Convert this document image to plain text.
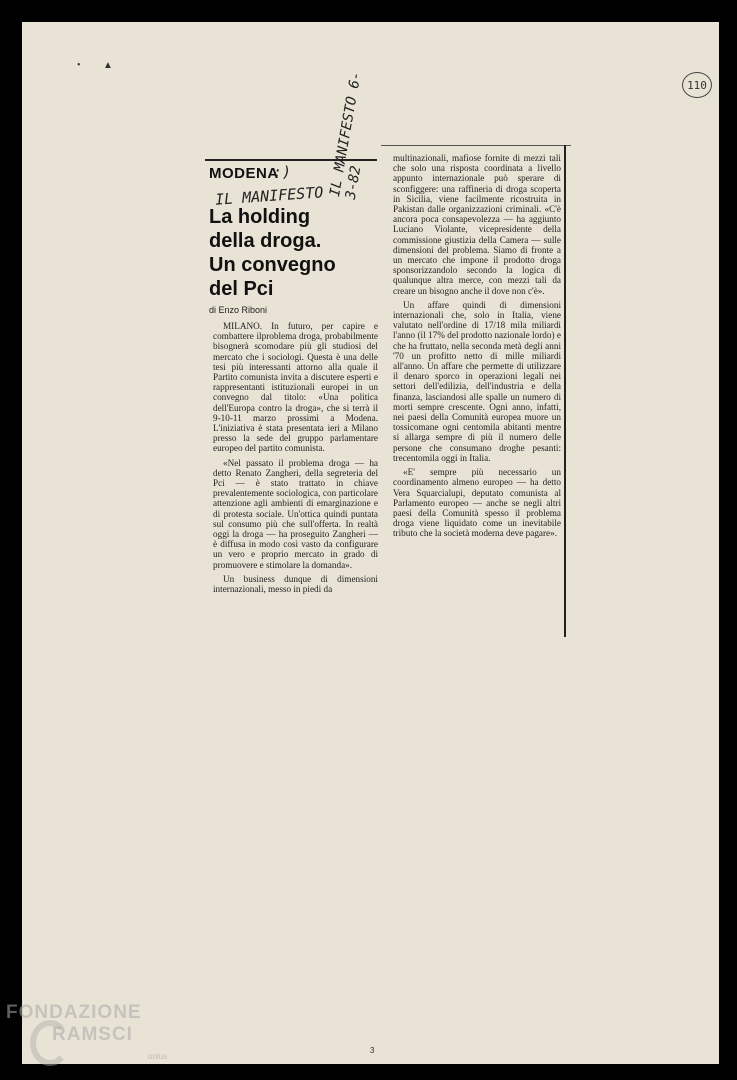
•         ▲
110
MODENA
:)
IL MANIFESTO IL MANIFESTO 6-3-82
La holding della droga. Un convegno del Pci
di Enzo Riboni

MILANO. In futuro, per capire e combattere ilproblema droga, probabilmente bisognerà scomodare più gli studiosi del mercato che i sociologi. Questa è una delle tesi più interessanti attorno alla quale il Partito comunista invita a discutere esperti e rappresentanti istituzionali europei in un convegno dal titolo: «Una politica dell'Europa contro la droga», che si terrà il 9-10-11 marzo prossimi a Modena. L'iniziativa è stata presentata ieri a Milano presso la sede del gruppo parlamentare europeo del partito comunista.

«Nel passato il problema droga — ha detto Renato Zangheri, della segreteria del Pci — è stato trattato in chiave prevalentemente sociologica, con particolare attenzione agli ambienti di emarginazione e di protesta sociale. Un'ottica quindi puntata sul consumo più che sull'offerta. In realtà oggi la droga — ha proseguito Zangheri — è diffusa in modo così vasto da configurare un vero e proprio mercato in grado di promuovere e stimolare la domanda».

Un business dunque di dimensioni internazionali, messo in piedi da

multinazionali, mafiose fornite di mezzi tali che solo una risposta coordinata a livello appunto internazionale può sperare di sconfiggere: una raffineria di droga scoperta in Sicilia, viene facilmente ricostruita in Pakistan dalle organizzazioni criminali. «C'è ancora poca consapevolezza — ha aggiunto Luciano Violante, vicepresidente della commissione giustizia della Camera — sulle dimensioni del problema. Siamo di fronte a un mercato che impone il prodotto droga sponsorizzandolo secondo la logica di qualunque altra merce, con mezzi tali da creare un bisogno anche il dove non c'è».

Un affare quindi di dimensioni internazionali che, solo in Italia, viene valutato nell'ordine di 17/18 mila miliardi l'anno (il 17% del prodotto nazionale lordo) e che ha fruttato, nella seconda metà degli anni '70 un profitto netto di mille miliardi all'anno. Un affare che permette di utilizzare il denaro sporco in operazioni legali nei settori dell'edilizia, dell'industria e della finanza, lasciandosi alle spalle un numero di morti sempre crescente. Ogni anno, infatti, nei paesi della Comunità europea muore un tossicomane ogni centomila abitanti mentre si allarga sempre di più il numero delle persone che consumano droghe pesanti: trecentomila oggi in Italia.

«E' sempre più necessario un coordinamento almeno europeo — ha detto Vera Squarcialupi, deputato comunista al Parlamento europeo — anche se negli altri paesi della Comunità spesso il problema droga viene liquidato come un inevitabile tributo che la società moderna deve pagare».

3
FONDAZIONE
RAMSCI
onlus
